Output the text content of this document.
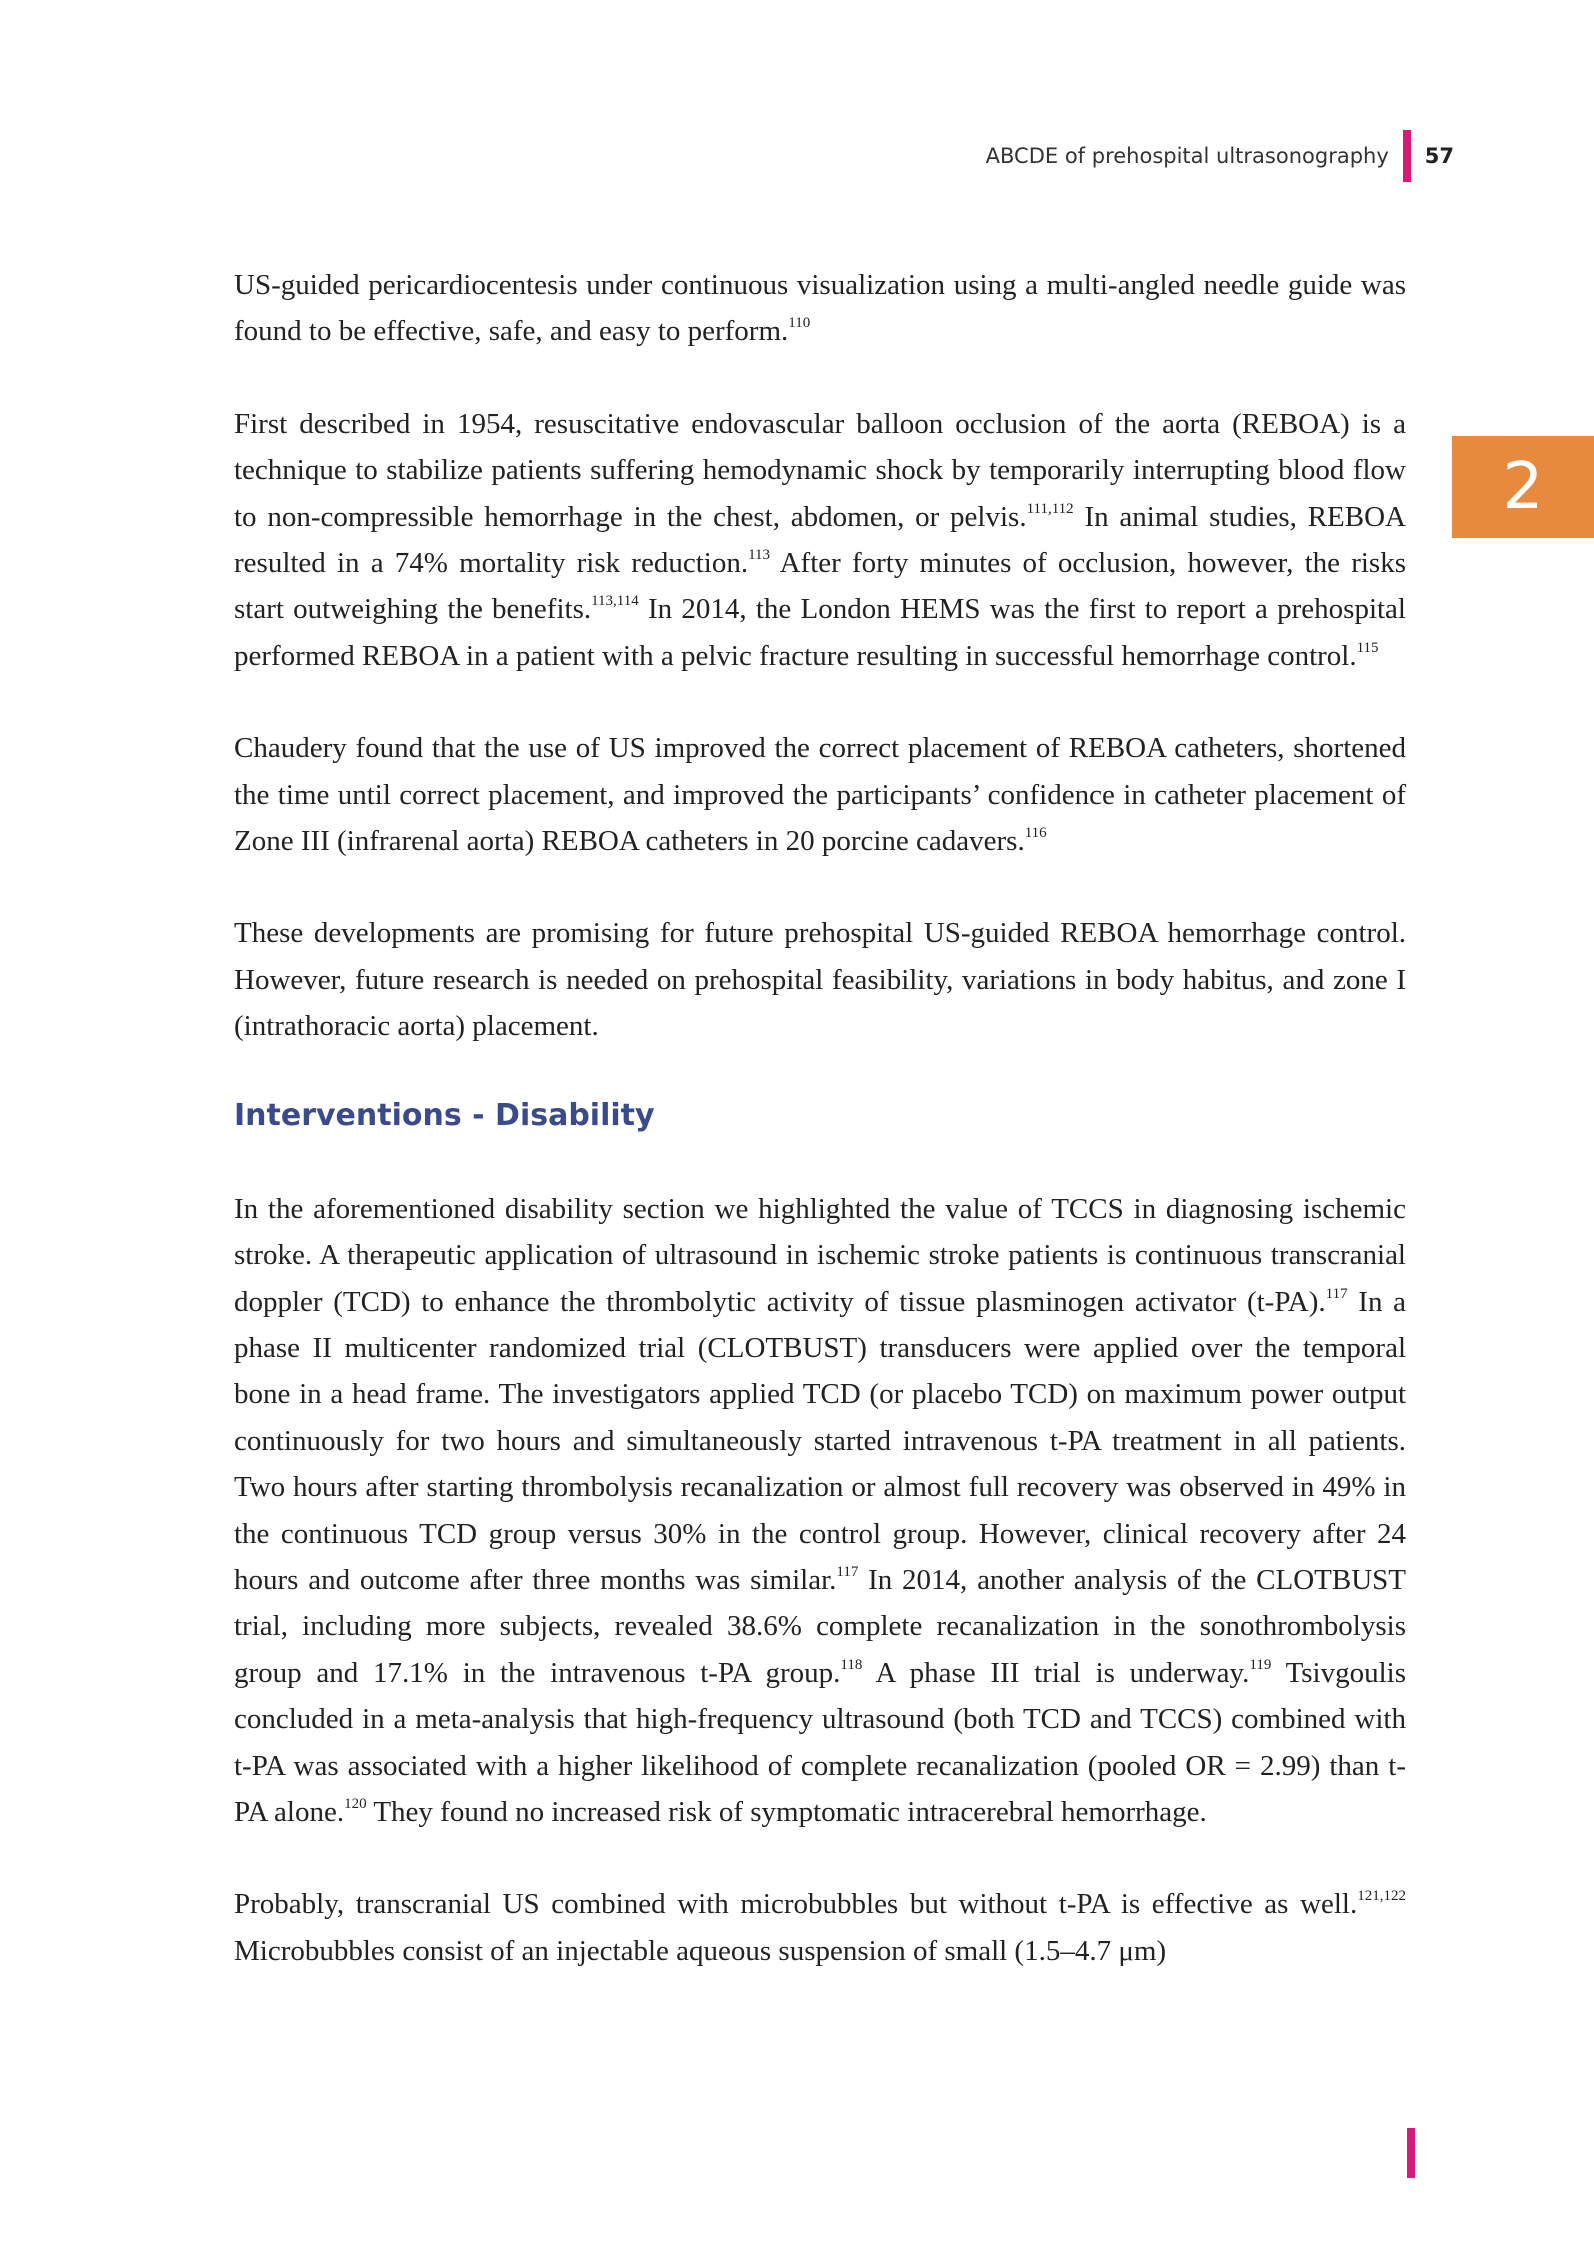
ABCDE of prehospital ultrasonography 57
2

US-guided pericardiocentesis under continuous visualization using a multi-angled needle guide was found to be effective, safe, and easy to perform.$^{110}$

First described in 1954, resuscitative endovascular balloon occlusion of the aorta (REBOA) is a technique to stabilize patients suffering hemodynamic shock by temporarily interrupting blood flow to non-compressible hemorrhage in the chest, abdomen, or pelvis.$^{111,112}$ In animal studies, REBOA resulted in a 74% mortality risk reduction.$^{113}$ After forty minutes of occlusion, however, the risks start outweighing the benefits.$^{113,114}$ In 2014, the London HEMS was the first to report a prehospital performed REBOA in a patient with a pelvic fracture resulting in successful hemorrhage control.$^{115}$

Chaudery found that the use of US improved the correct placement of REBOA catheters, shortened the time until correct placement, and improved the participants’ confidence in catheter placement of Zone III (infrarenal aorta) REBOA catheters in 20 porcine cadavers.$^{116}$

These developments are promising for future prehospital US-guided REBOA hemorrhage control. However, future research is needed on prehospital feasibility, variations in body habitus, and zone I (intrathoracic aorta) placement.

Interventions - Disability

In the aforementioned disability section we highlighted the value of TCCS in diagnosing ischemic stroke. A therapeutic application of ultrasound in ischemic stroke patients is continuous transcranial doppler (TCD) to enhance the thrombolytic activity of tissue plasminogen activator (t-PA).$^{117}$ In a phase II multicenter randomized trial (CLOTBUST) transducers were applied over the temporal bone in a head frame. The investigators applied TCD (or placebo TCD) on maximum power output continuously for two hours and simultaneously started intravenous t-PA treatment in all patients. Two hours after starting thrombolysis recanalization or almost full recovery was observed in 49% in the continuous TCD group versus 30% in the control group. However, clinical recovery after 24 hours and outcome after three months was similar.$^{117}$ In 2014, another analysis of the CLOTBUST trial, including more subjects, revealed 38.6% complete recanalization in the sonothrombolysis group and 17.1% in the intravenous t-PA group.$^{118}$ A phase III trial is underway.$^{119}$ Tsivgoulis concluded in a meta-analysis that high-frequency ultrasound (both TCD and TCCS) combined with t-PA was associated with a higher likelihood of complete recanalization (pooled OR = 2.99) than t-PA alone.$^{120}$ They found no increased risk of symptomatic intracerebral hemorrhage.

Probably, transcranial US combined with microbubbles but without t-PA is effective as well.$^{121,122}$ Microbubbles consist of an injectable aqueous suspension of small (1.5–4.7 μm)
